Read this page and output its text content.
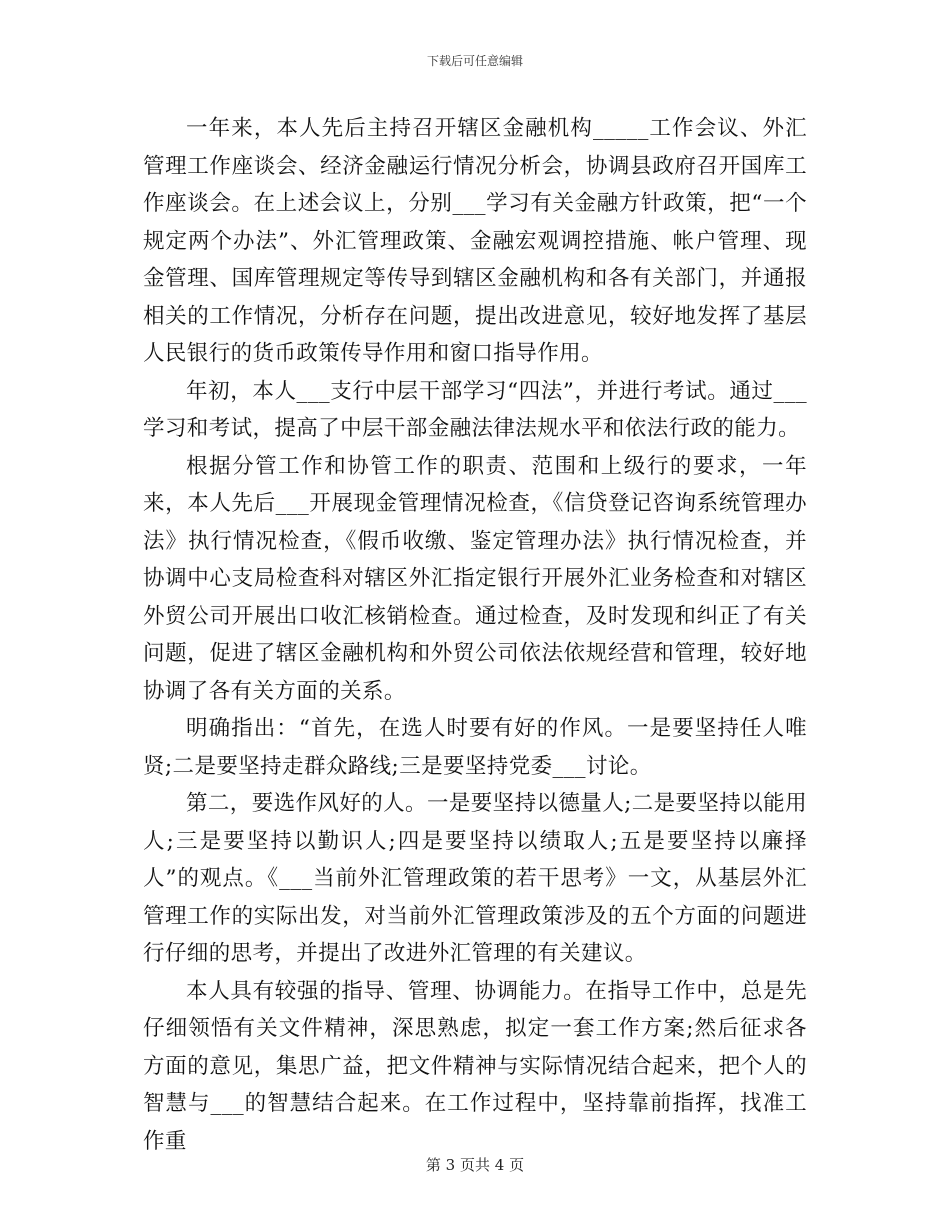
下载后可任意编辑

一年来，本人先后主持召开辖区金融机构_____工作会议、外汇管理工作座谈会、经济金融运行情况分析会，协调县政府召开国库工作座谈会。在上述会议上，分别___学习有关金融方针政策，把“一个规定两个办法”、外汇管理政策、金融宏观调控措施、帐户管理、现金管理、国库管理规定等传导到辖区金融机构和各有关部门，并通报相关的工作情况，分析存在问题，提出改进意见，较好地发挥了基层人民银行的货币政策传导作用和窗口指导作用。

年初，本人___支行中层干部学习“四法”，并进行考试。通过___学习和考试，提高了中层干部金融法律法规水平和依法行政的能力。

根据分管工作和协管工作的职责、范围和上级行的要求，一年来，本人先后___开展现金管理情况检查，《信贷登记咨询系统管理办法》执行情况检查，《假币收缴、鉴定管理办法》执行情况检查，并协调中心支局检查科对辖区外汇指定银行开展外汇业务检查和对辖区外贸公司开展出口收汇核销检查。通过检查，及时发现和纠正了有关问题，促进了辖区金融机构和外贸公司依法依规经营和管理，较好地协调了各有关方面的关系。

明确指出：“首先，在选人时要有好的作风。一是要坚持任人唯贤;二是要坚持走群众路线;三是要坚持党委___讨论。

第二，要选作风好的人。一是要坚持以德量人;二是要坚持以能用人;三是要坚持以勤识人;四是要坚持以绩取人;五是要坚持以廉择人”的观点。《___当前外汇管理政策的若干思考》一文，从基层外汇管理工作的实际出发，对当前外汇管理政策涉及的五个方面的问题进行仔细的思考，并提出了改进外汇管理的有关建议。

本人具有较强的指导、管理、协调能力。在指导工作中，总是先仔细领悟有关文件精神，深思熟虑，拟定一套工作方案;然后征求各方面的意见，集思广益，把文件精神与实际情况结合起来，把个人的智慧与___的智慧结合起来。在工作过程中，坚持靠前指挥，找准工作重

第 3 页共 4 页
